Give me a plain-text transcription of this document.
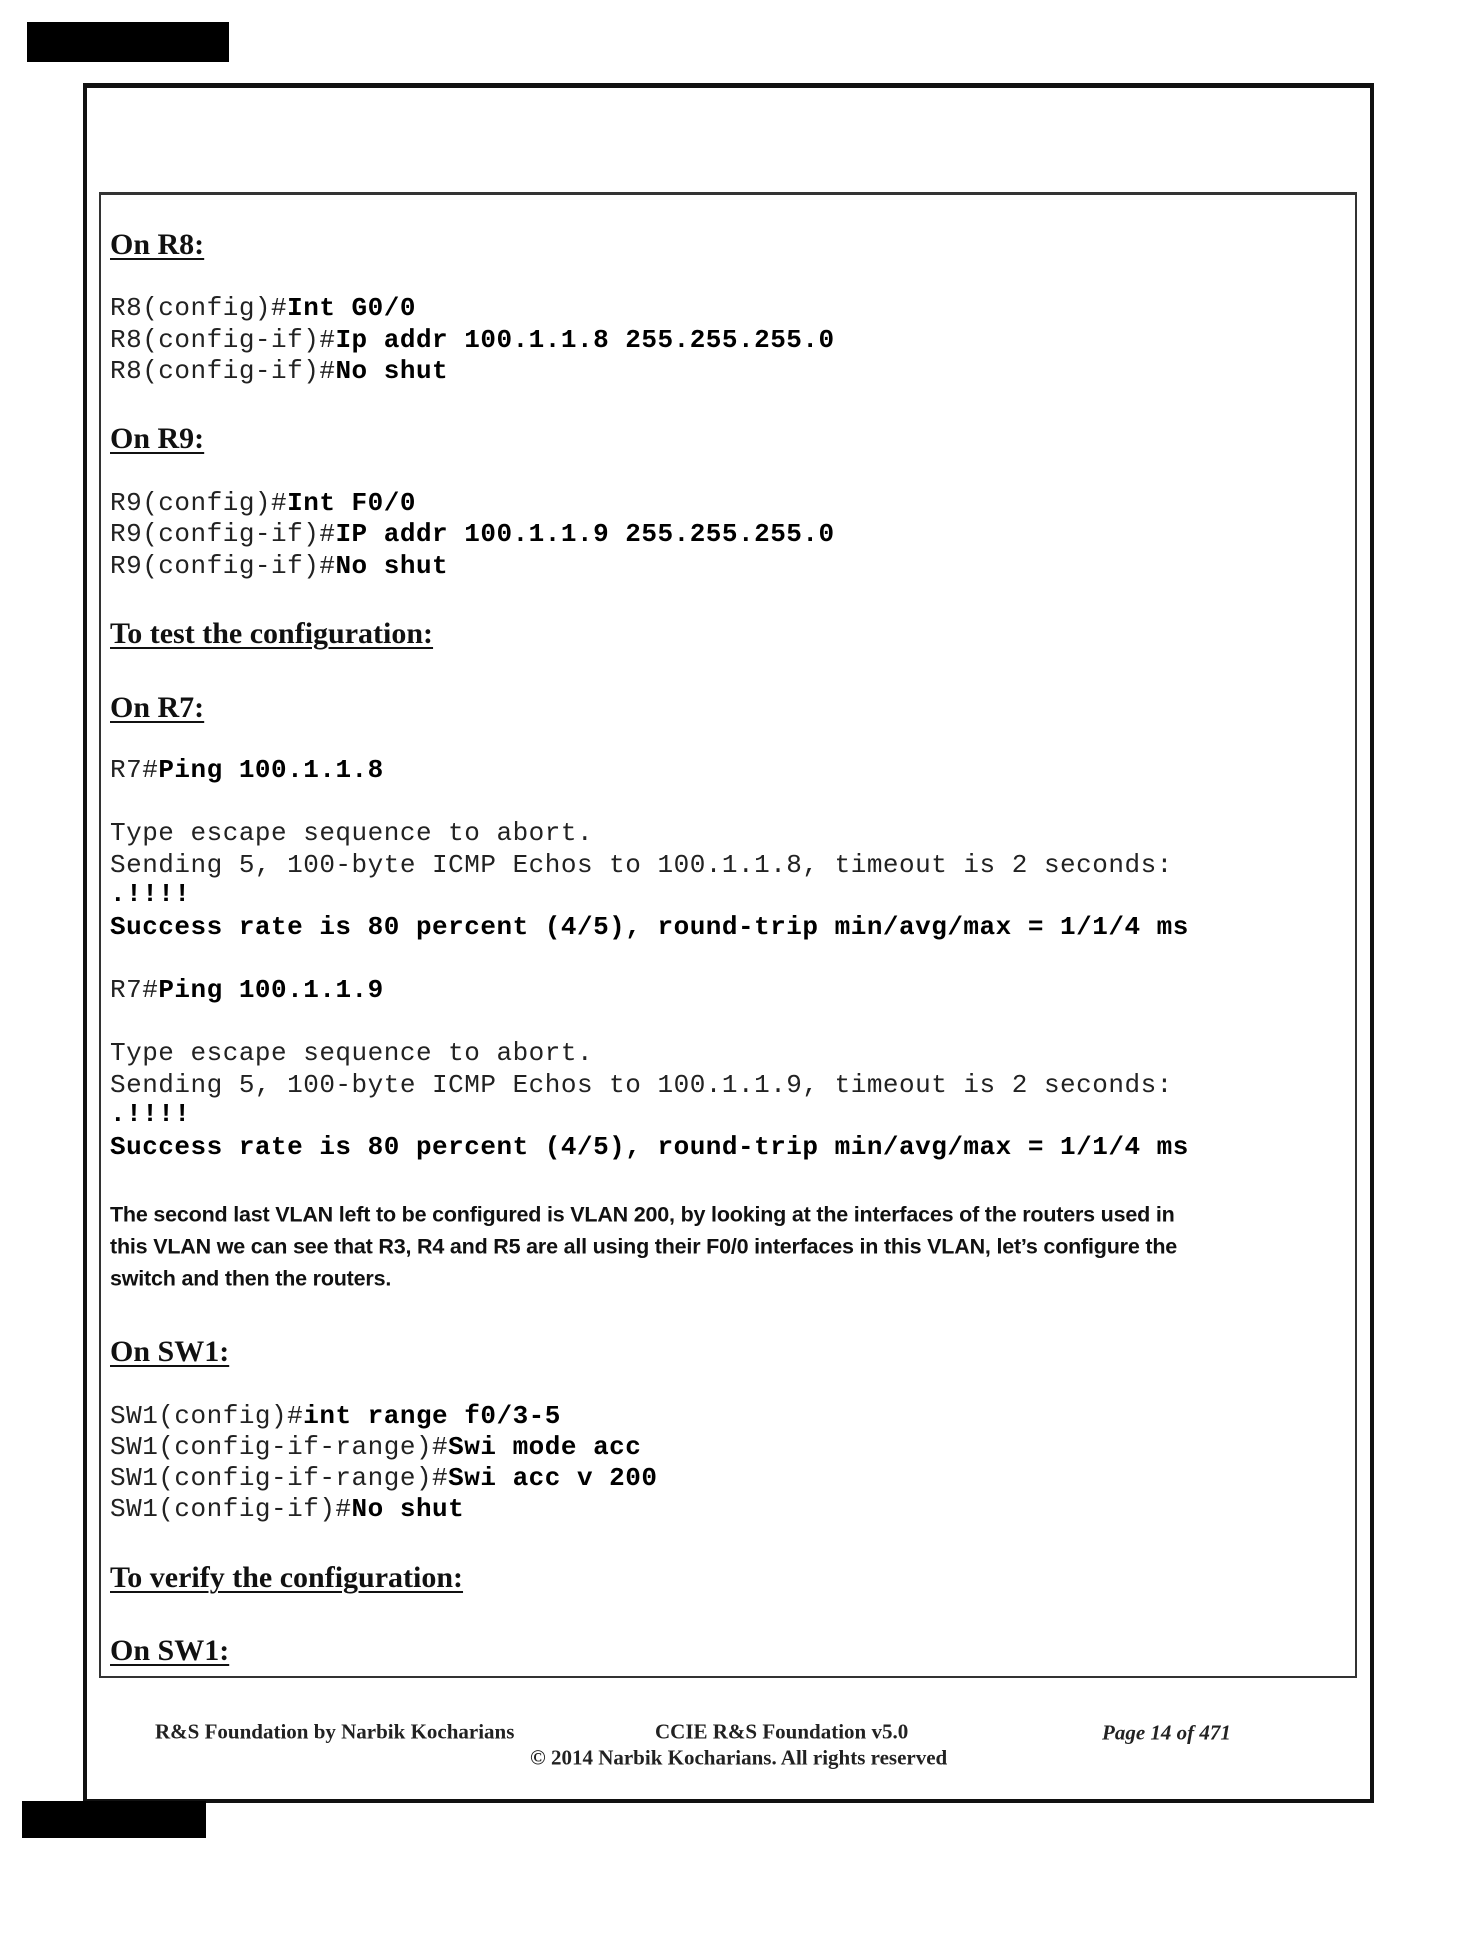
On R8:
R8(config)#Int G0/0
R8(config-if)#Ip addr 100.1.1.8 255.255.255.0
R8(config-if)#No shut
On R9:
R9(config)#Int F0/0
R9(config-if)#IP addr 100.1.1.9 255.255.255.0
R9(config-if)#No shut
To test the configuration:
On R7:
R7#Ping 100.1.1.8
Type escape sequence to abort.
Sending 5, 100-byte ICMP Echos to 100.1.1.8, timeout is 2 seconds:
.!!!!
Success rate is 80 percent (4/5), round-trip min/avg/max = 1/1/4 ms
R7#Ping 100.1.1.9
Type escape sequence to abort.
Sending 5, 100-byte ICMP Echos to 100.1.1.9, timeout is 2 seconds:
.!!!!
Success rate is 80 percent (4/5), round-trip min/avg/max = 1/1/4 ms
The second last VLAN left to be configured is VLAN 200, by looking at the interfaces of the routers used in
this VLAN we can see that R3, R4 and R5 are all using their F0/0 interfaces in this VLAN, let’s configure the
switch and then the routers.
On SW1:
SW1(config)#int range f0/3-5
SW1(config-if-range)#Swi mode acc
SW1(config-if-range)#Swi acc v 200
SW1(config-if)#No shut
To verify the configuration:
On SW1:
R&S Foundation by Narbik Kocharians	CCIE R&S Foundation v5.0	Page 14 of 471
© 2014 Narbik Kocharians. All rights reserved
